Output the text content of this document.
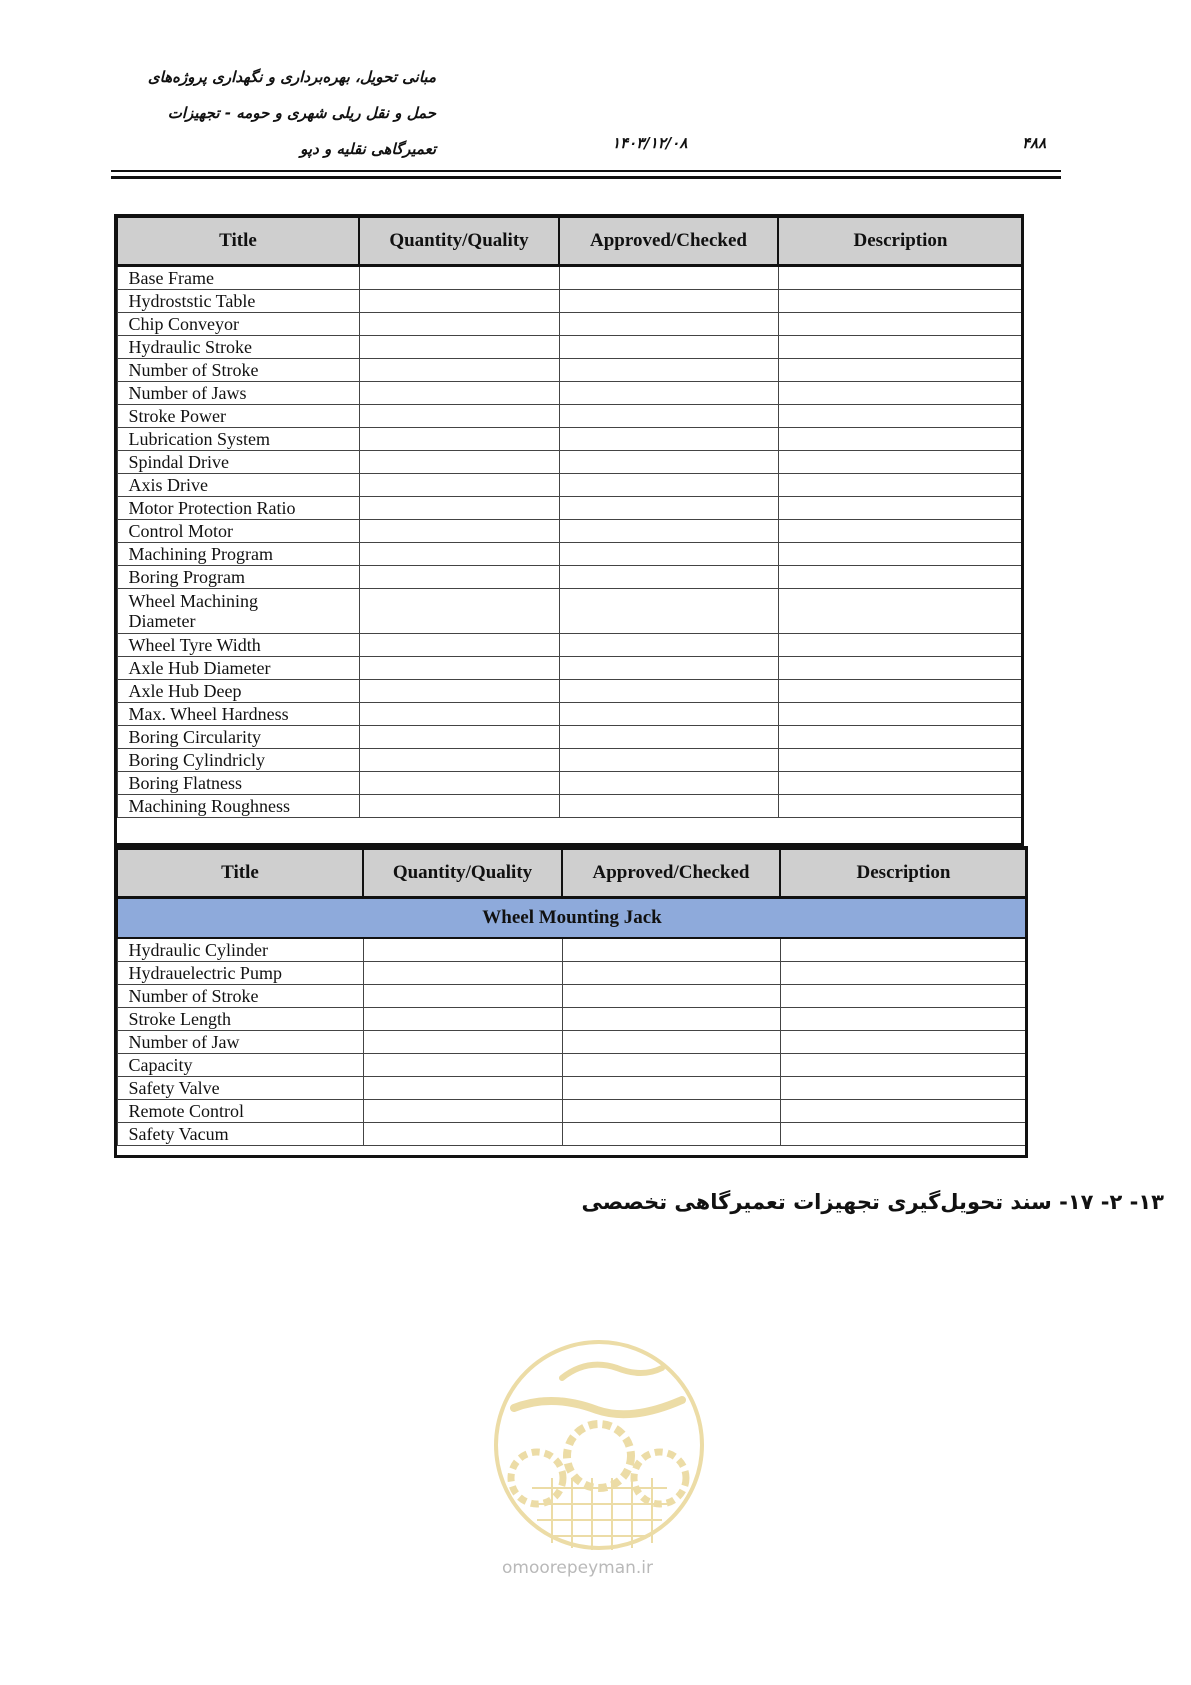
مبانی تحویل، بهره‌برداری و نگهداری پروژه‌های
حمل و نقل ریلی شهری و حومه - تجهیزات
تعمیرگاهی نقلیه و دپو	۱۴۰۳/۱۲/۰۸	۴۸۸
Title	Quantity/Quality	Approved/Checked	Description
Base Frame			
Hydroststic Table			
Chip Conveyor			
Hydraulic Stroke			
Number of Stroke			
Number of Jaws			
Stroke Power			
Lubrication System			
Spindal Drive			
Axis Drive			
Motor Protection Ratio			
Control Motor			
Machining Program			
Boring Program			
Wheel Machining Diameter			
Wheel Tyre Width			
Axle Hub Diameter			
Axle Hub Deep			
Max. Wheel Hardness			
Boring Circularity			
Boring Cylindricly			
Boring Flatness			
Machining Roughness			
Title	Quantity/Quality	Approved/Checked	Description
Wheel Mounting Jack			
Hydraulic Cylinder			
Hydrauelectric Pump			
Number of Stroke			
Stroke Length			
Number of Jaw			
Capacity			
Safety Valve			
Remote Control			
Safety Vacum			
۱۳- ۲- ۱۷- سند تحویل‌گیری تجهیزات تعمیرگاهی تخصصی
omoorepeyman.ir
